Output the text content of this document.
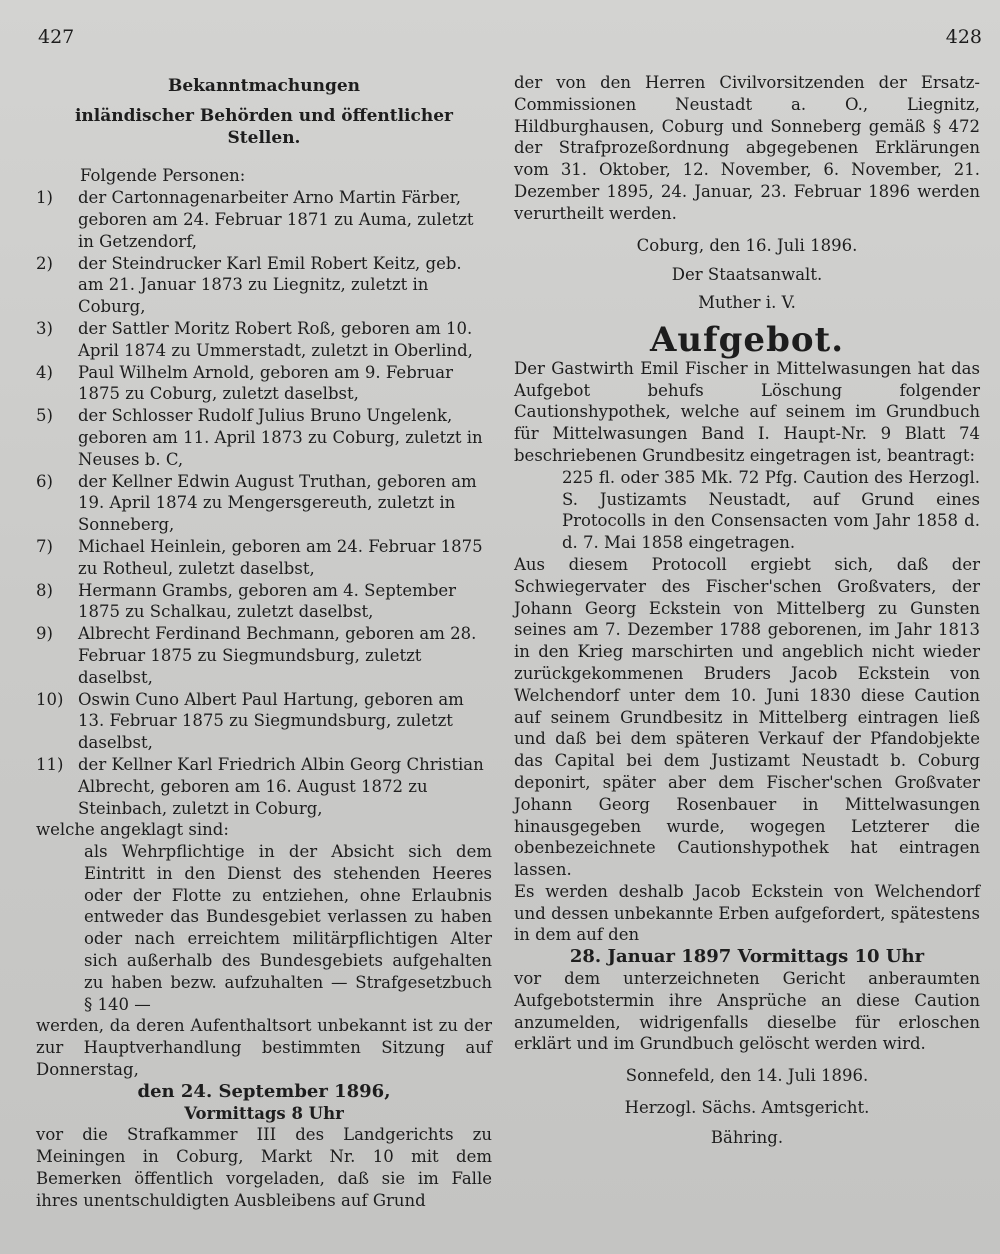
427	428
Bekanntmachungen
inländischer Behörden und öffentlicher Stellen.

Folgende Personen:

1) der Cartonnagenarbeiter Arno Martin Färber, geboren am 24. Februar 1871 zu Auma, zuletzt in Getzendorf,
2) der Steindrucker Karl Emil Robert Keitz, geb. am 21. Januar 1873 zu Liegnitz, zuletzt in Coburg,
3) der Sattler Moritz Robert Roß, geboren am 10. April 1874 zu Ummerstadt, zuletzt in Oberlind,
4) Paul Wilhelm Arnold, geboren am 9. Februar 1875 zu Coburg, zuletzt daselbst,
5) der Schlosser Rudolf Julius Bruno Ungelenk, geboren am 11. April 1873 zu Coburg, zuletzt in Neuses b. C,
6) der Kellner Edwin August Truthan, geboren am 19. April 1874 zu Mengersgereuth, zuletzt in Sonneberg,
7) Michael Heinlein, geboren am 24. Februar 1875 zu Rotheul, zuletzt daselbst,
8) Hermann Grambs, geboren am 4. September 1875 zu Schalkau, zuletzt daselbst,
9) Albrecht Ferdinand Bechmann, geboren am 28. Februar 1875 zu Siegmundsburg, zuletzt daselbst,
10) Oswin Cuno Albert Paul Hartung, geboren am 13. Februar 1875 zu Siegmundsburg, zuletzt daselbst,
11) der Kellner Karl Friedrich Albin Georg Christian Albrecht, geboren am 16. August 1872 zu Steinbach, zuletzt in Coburg,

welche angeklagt sind:

als Wehrpflichtige in der Absicht sich dem Eintritt in den Dienst des stehenden Heeres oder der Flotte zu entziehen, ohne Erlaubnis entweder das Bundesgebiet verlassen zu haben oder nach erreichtem militärpflichtigen Alter sich außerhalb des Bundesgebiets aufgehalten zu haben bezw. aufzuhalten — Strafgesetzbuch § 140 —

werden, da deren Aufenthaltsort unbekannt ist zu der zur Hauptverhandlung bestimmten Sitzung auf Donnerstag,

den 24. September 1896,

Vormittags 8 Uhr

vor die Strafkammer III des Landgerichts zu Meiningen in Coburg, Markt Nr. 10 mit dem Bemerken öffentlich vorgeladen, daß sie im Falle ihres unentschuldigten Ausbleibens auf Grund

der von den Herren Civilvorsitzenden der Ersatz-Commissionen Neustadt a. O., Liegnitz, Hildburghausen, Coburg und Sonneberg gemäß § 472 der Strafprozeßordnung abgegebenen Erklärungen vom 31. Oktober, 12. November, 6. November, 21. Dezember 1895, 24. Januar, 23. Februar 1896 werden verurtheilt werden.

Coburg, den 16. Juli 1896.

Der Staatsanwalt.

Muther i. V.

Aufgebot.

Der Gastwirth Emil Fischer in Mittelwasungen hat das Aufgebot behufs Löschung folgender Cautionshypothek, welche auf seinem im Grundbuch für Mittelwasungen Band I. Haupt-Nr. 9 Blatt 74 beschriebenen Grundbesitz eingetragen ist, beantragt:

225 fl. oder 385 Mk. 72 Pfg. Caution des Herzogl. S. Justizamts Neustadt, auf Grund eines Protocolls in den Consensacten vom Jahr 1858 d. d. 7. Mai 1858 eingetragen.

Aus diesem Protocoll ergiebt sich, daß der Schwiegervater des Fischer'schen Großvaters, der Johann Georg Eckstein von Mittelberg zu Gunsten seines am 7. Dezember 1788 geborenen, im Jahr 1813 in den Krieg marschirten und angeblich nicht wieder zurückgekommenen Bruders Jacob Eckstein von Welchendorf unter dem 10. Juni 1830 diese Caution auf seinem Grundbesitz in Mittelberg eintragen ließ und daß bei dem späteren Verkauf der Pfandobjekte das Capital bei dem Justizamt Neustadt b. Coburg deponirt, später aber dem Fischer'schen Großvater Johann Georg Rosenbauer in Mittelwasungen hinausgegeben wurde, wogegen Letzterer die obenbezeichnete Cautionshypothek hat eintragen lassen.

Es werden deshalb Jacob Eckstein von Welchendorf und dessen unbekannte Erben aufgefordert, spätestens in dem auf den

28. Januar 1897 Vormittags 10 Uhr

vor dem unterzeichneten Gericht anberaumten Aufgebotstermin ihre Ansprüche an diese Caution anzumelden, widrigenfalls dieselbe für erloschen erklärt und im Grundbuch gelöscht werden wird.

Sonnefeld, den 14. Juli 1896.

Herzogl. Sächs. Amtsgericht.

Bähring.
